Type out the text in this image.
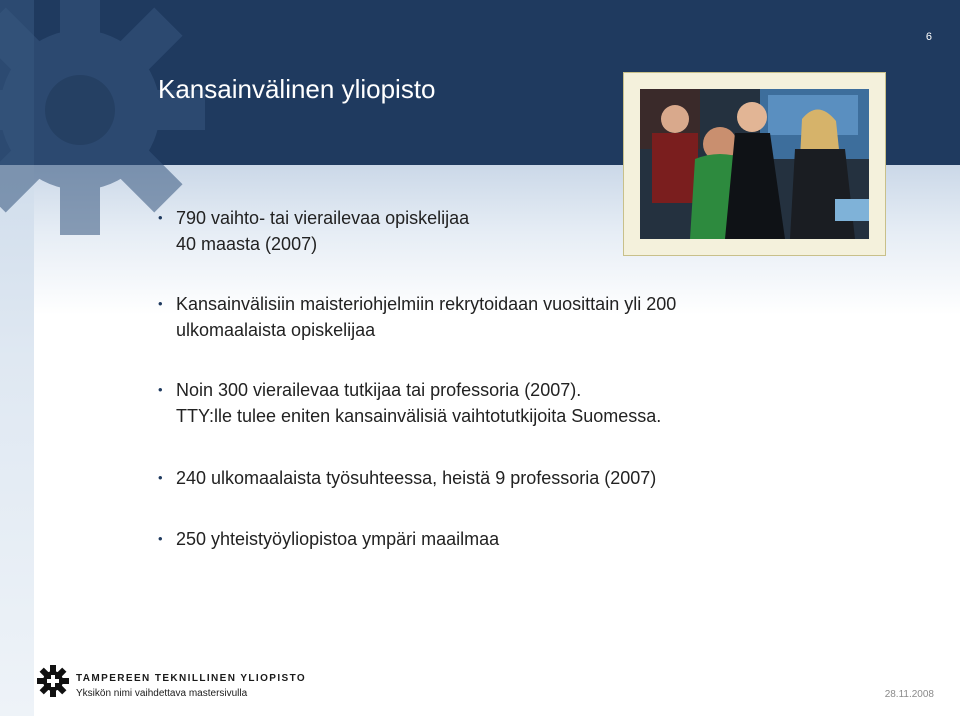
6
Kansainvälinen yliopisto
• 790 vaihto- tai vierailevaa opiskelijaa
40 maasta (2007)
• Kansainvälisiin maisteriohjelmiin rekrytoidaan vuosittain yli 200
ulkomaalaista opiskelijaa
• Noin 300 vierailevaa tutkijaa tai professoria (2007).
TTY:lle tulee eniten kansainvälisiä vaihtotutkijoita Suomessa.
• 240 ulkomaalaista työsuhteessa, heistä 9 professoria (2007)
• 250 yhteistyöyliopistoa ympäri maailmaa
TAMPEREEN TEKNILLINEN YLIOPISTO
Yksikön nimi vaihdettava mastersivulla	28.11.2008
